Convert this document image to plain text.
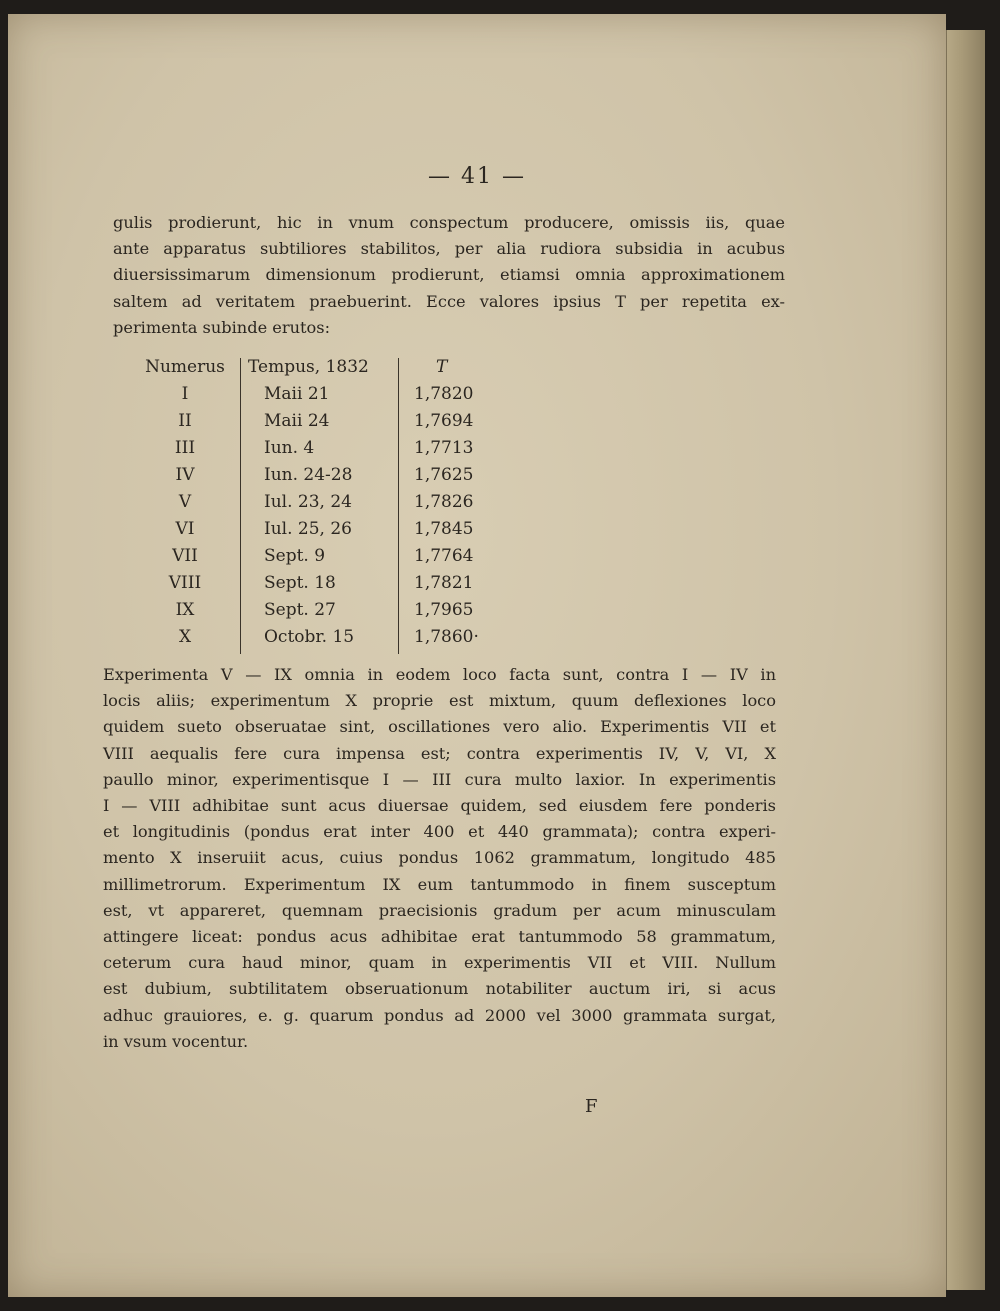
— 41 —

gulis prodierunt, hic in vnum conspectum producere, omissis iis, quae
ante apparatus subtiliores stabilitos, per alia rudiora subsidia in acubus
diuersissimarum dimensionum prodierunt, etiamsi omnia approximationem
saltem ad veritatem praebuerint. Ecce valores ipsius T per repetita ex-
perimenta subinde erutos:

Numerus	Tempus, 1832	T
I	Maii 21	1,7820
II	Maii 24	1,7694
III	Iun. 4	1,7713
IV	Iun. 24-28	1,7625
V	Iul. 23, 24	1,7826
VI	Iul. 25, 26	1,7845
VII	Sept. 9	1,7764
VIII	Sept. 18	1,7821
IX	Sept. 27	1,7965
X	Octobr. 15	1,7860·

Experimenta V — IX omnia in eodem loco facta sunt, contra I — IV in
locis aliis; experimentum X proprie est mixtum, quum deflexiones loco
quidem sueto obseruatae sint, oscillationes vero alio. Experimentis VII et
VIII aequalis fere cura impensa est; contra experimentis IV, V, VI, X
paullo minor, experimentisque I — III cura multo laxior. In experimentis
I — VIII adhibitae sunt acus diuersae quidem, sed eiusdem fere ponderis
et longitudinis (pondus erat inter 400 et 440 grammata); contra experi-
mento X inseruiit acus, cuius pondus 1062 grammatum, longitudo 485
millimetrorum. Experimentum IX eum tantummodo in finem susceptum
est, vt appareret, quemnam praecisionis gradum per acum minusculam
attingere liceat: pondus acus adhibitae erat tantummodo 58 grammatum,
ceterum cura haud minor, quam in experimentis VII et VIII. Nullum
est dubium, subtilitatem obseruationum notabiliter auctum iri, si acus
adhuc grauiores, e. g. quarum pondus ad 2000 vel 3000 grammata surgat,
in vsum vocentur.

F
